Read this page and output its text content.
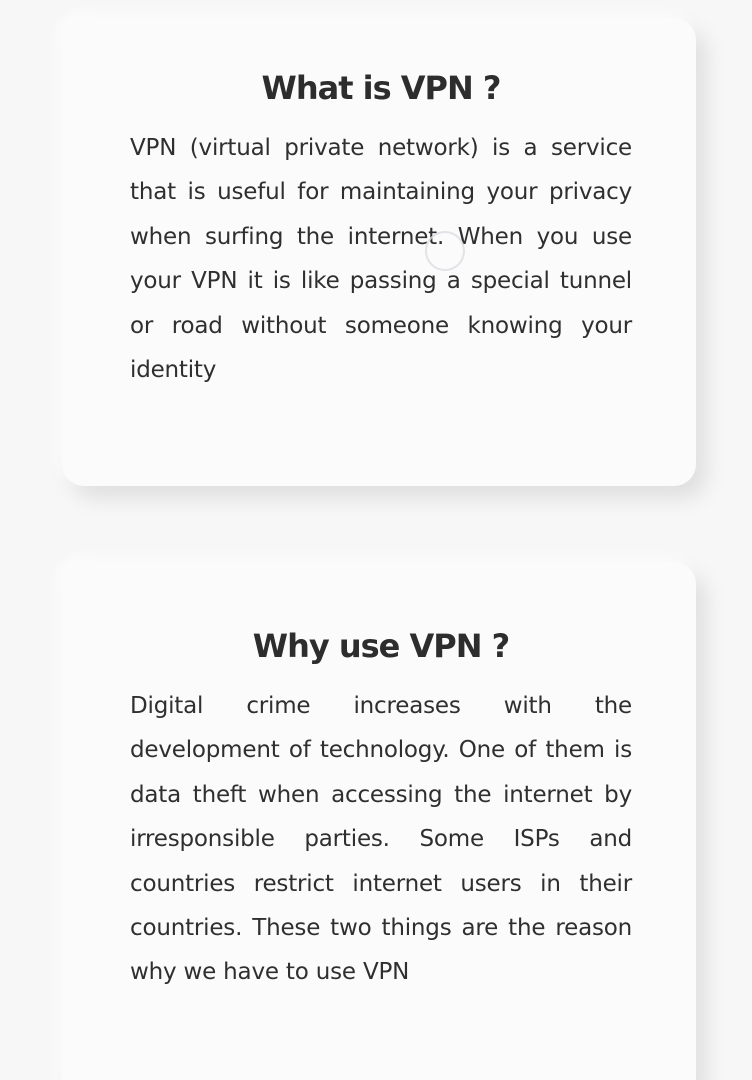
What is VPN ?

VPN (virtual private network) is a service that is useful for maintaining your privacy when surfing the internet. When you use your VPN it is like passing a special tunnel or road without someone knowing your identity

Why use VPN ?

Digital crime increases with the development of technology. One of them is data theft when accessing the internet by irresponsible parties. Some ISPs and countries restrict internet users in their countries. These two things are the reason why we have to use VPN
